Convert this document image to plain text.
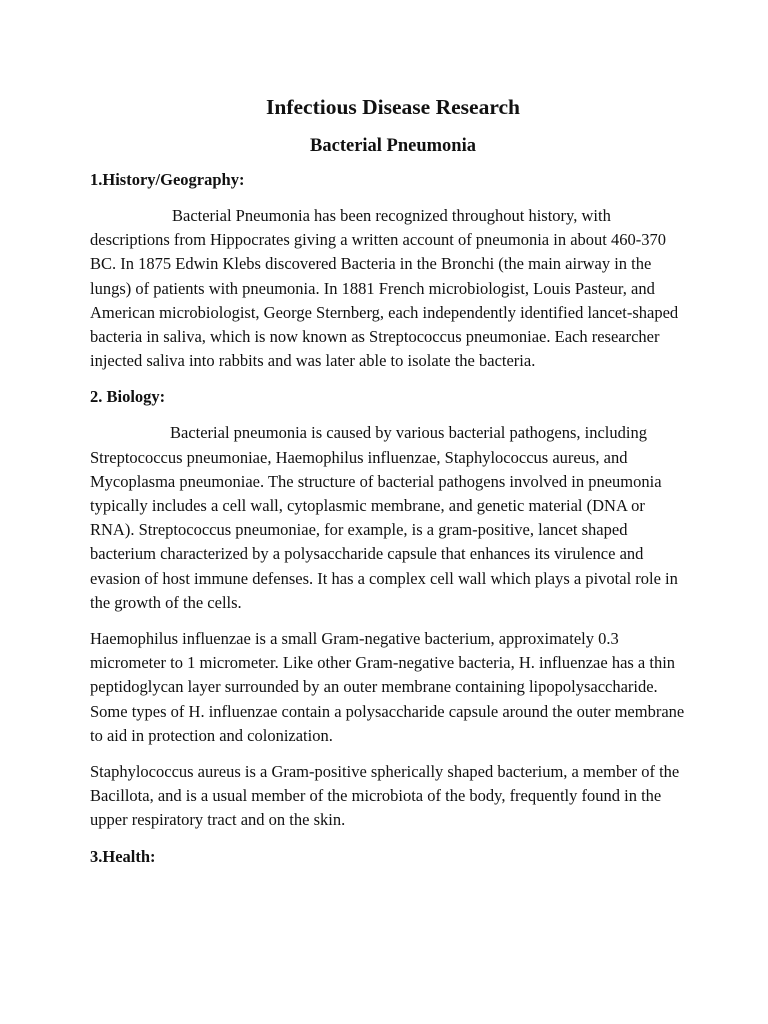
Infectious Disease Research
Bacterial Pneumonia
1.History/Geography:

Bacterial Pneumonia has been recognized throughout history, with descriptions from Hippocrates giving a written account of pneumonia in about 460-370 BC. In 1875 Edwin Klebs discovered Bacteria in the Bronchi (the main airway in the lungs) of patients with pneumonia. In 1881 French microbiologist, Louis Pasteur, and American microbiologist, George Sternberg, each independently identified lancet-shaped bacteria in saliva, which is now known as Streptococcus pneumoniae. Each researcher injected saliva into rabbits and was later able to isolate the bacteria.

2. Biology:

Bacterial pneumonia is caused by various bacterial pathogens, including Streptococcus pneumoniae, Haemophilus influenzae, Staphylococcus aureus, and Mycoplasma pneumoniae. The structure of bacterial pathogens involved in pneumonia typically includes a cell wall, cytoplasmic membrane, and genetic material (DNA or RNA). Streptococcus pneumoniae, for example, is a gram-positive, lancet shaped bacterium characterized by a polysaccharide capsule that enhances its virulence and evasion of host immune defenses. It has a complex cell wall which plays a pivotal role in the growth of the cells.

Haemophilus influenzae is a small Gram-negative bacterium, approximately 0.3 micrometer to 1 micrometer. Like other Gram-negative bacteria, H. influenzae has a thin peptidoglycan layer surrounded by an outer membrane containing lipopolysaccharide. Some types of H. influenzae contain a polysaccharide capsule around the outer membrane to aid in protection and colonization.

Staphylococcus aureus is a Gram-positive spherically shaped bacterium, a member of the Bacillota, and is a usual member of the microbiota of the body, frequently found in the upper respiratory tract and on the skin.

3.Health:
